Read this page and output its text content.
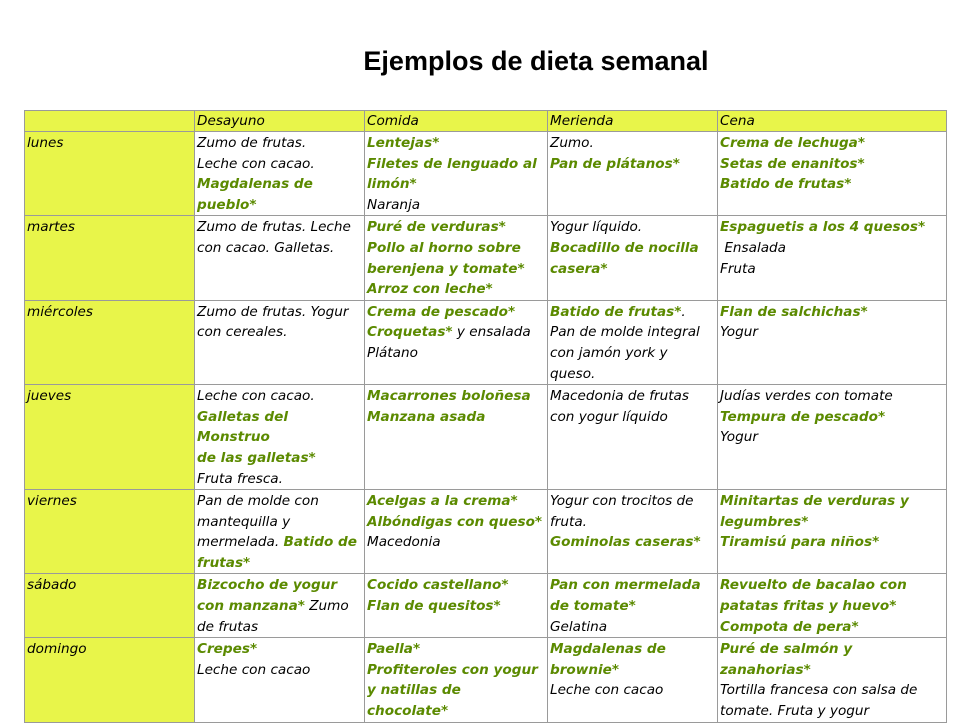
Ejemplos de dieta semanal
	Desayuno	Comida	Merienda	Cena
lunes	Zumo de frutas.
Leche con cacao.
Magdalenas de
pueblo*	Lentejas*
Filetes de lenguado al
limón*
Naranja	Zumo.
Pan de plátanos*	Crema de lechuga*
Setas de enanitos*
Batido de frutas*

martes	Zumo de frutas. Leche
con cacao. Galletas.	Puré de verduras*
Pollo al horno sobre
berenjena y tomate*
Arroz con leche*	Yogur líquido.
Bocadillo de nocilla
casera*	Espaguetis a los 4 quesos*
Ensalada
Fruta

miércoles	Zumo de frutas. Yogur
con cereales.	Crema de pescado*
Croquetas* y ensalada
Plátano	Batido de frutas*.
Pan de molde integral
con jamón york y
queso.	Flan de salchichas*
Yogur

jueves	Leche con cacao.
Galletas del Monstruo
de las galletas*
Fruta fresca.	Macarrones boloñesa
Manzana asada	Macedonia de frutas
con yogur líquido	Judías verdes con tomate
Tempura de pescado*
Yogur

viernes	Pan de molde con
mantequilla y
mermelada. Batido de
frutas*	Acelgas a la crema*
Albóndigas con queso*
Macedonia	Yogur con trocitos de
fruta.
Gominolas caseras*	Minitartas de verduras y
legumbres*
Tiramisú para niños*

sábado	Bizcocho de yogur
con manzana* Zumo
de frutas	Cocido castellano*
Flan de quesitos*	Pan con mermelada
de tomate*
Gelatina	Revuelto de bacalao con
patatas fritas y huevo*
Compota de pera*

domingo	Crepes*
Leche con cacao	Paella*
Profiteroles con yogur
y natillas de chocolate*	Magdalenas de
brownie*
Leche con cacao	Puré de salmón y zanahorias*
Tortilla francesa con salsa de
tomate. Fruta y yogur
